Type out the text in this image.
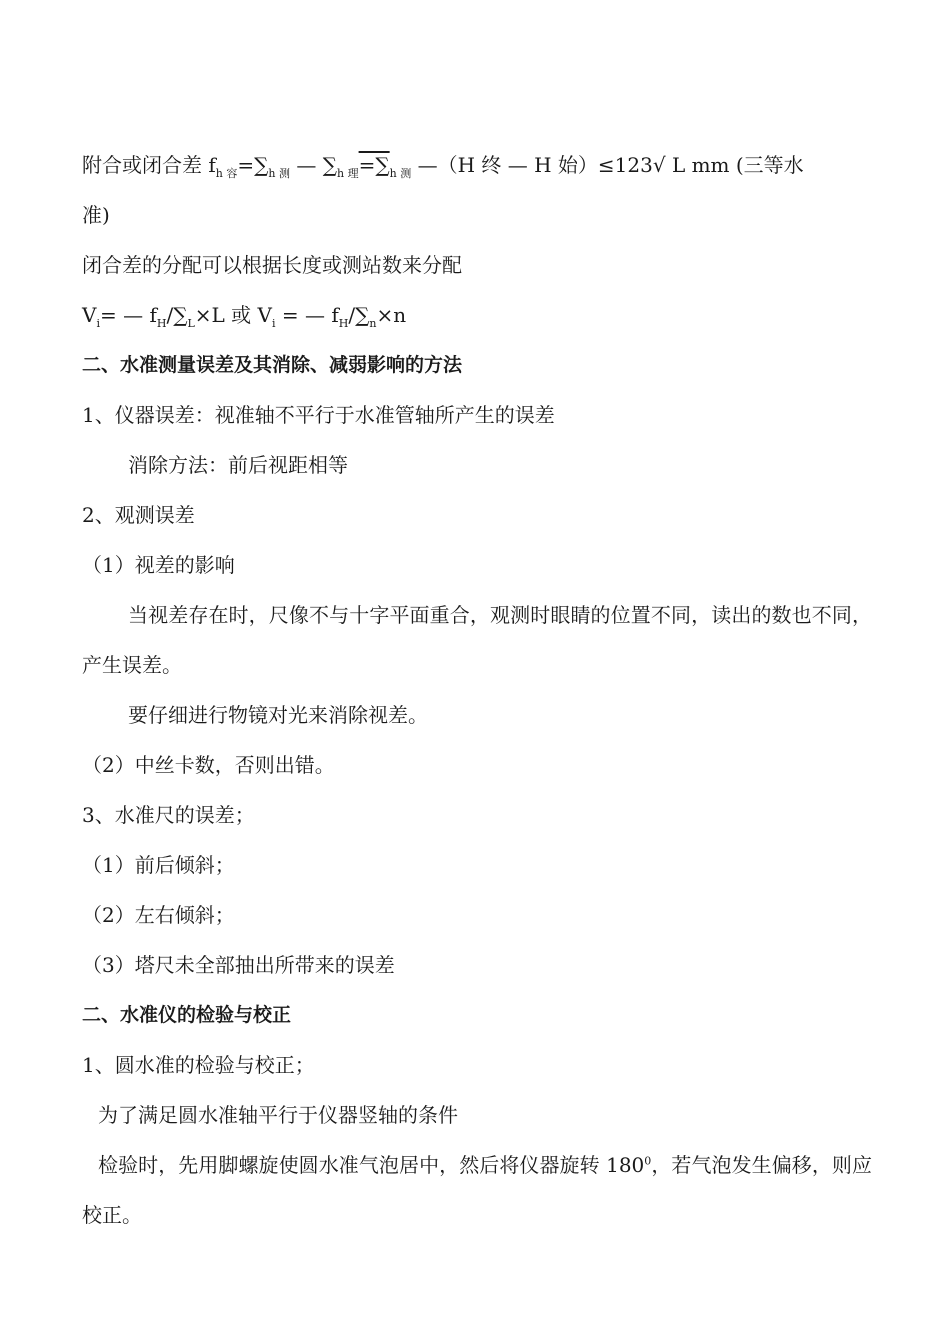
附合或闭合差 $f_{h 容}=\sum_{h 测}$ — $\sum_{h 理}=\sum_{h 测}$ —（H 终 — H 始）≤123√ L mm (三等水
准)
闭合差的分配可以根据长度或测站数来分配
$V_i=$ — $f_H/\sum_L\times L$ 或 $V_i$ = — $f_H/\sum_n\times n$
二、水准测量误差及其消除、减弱影响的方法
1、仪器误差：视准轴不平行于水准管轴所产生的误差
消除方法：前后视距相等
2、观测误差
（1）视差的影响
当视差存在时，尺像不与十字平面重合，观测时眼睛的位置不同，读出的数也不同，产生误差。
要仔细进行物镜对光来消除视差。
（2）中丝卡数，否则出错。
3、水准尺的误差；
（1）前后倾斜；
（2）左右倾斜；
（3）塔尺未全部抽出所带来的误差
二、水准仪的检验与校正
1、圆水准的检验与校正；
为了满足圆水准轴平行于仪器竖轴的条件
检验时，先用脚螺旋使圆水准气泡居中，然后将仪器旋转 $180^0$，若气泡发生偏移，则应校正。
